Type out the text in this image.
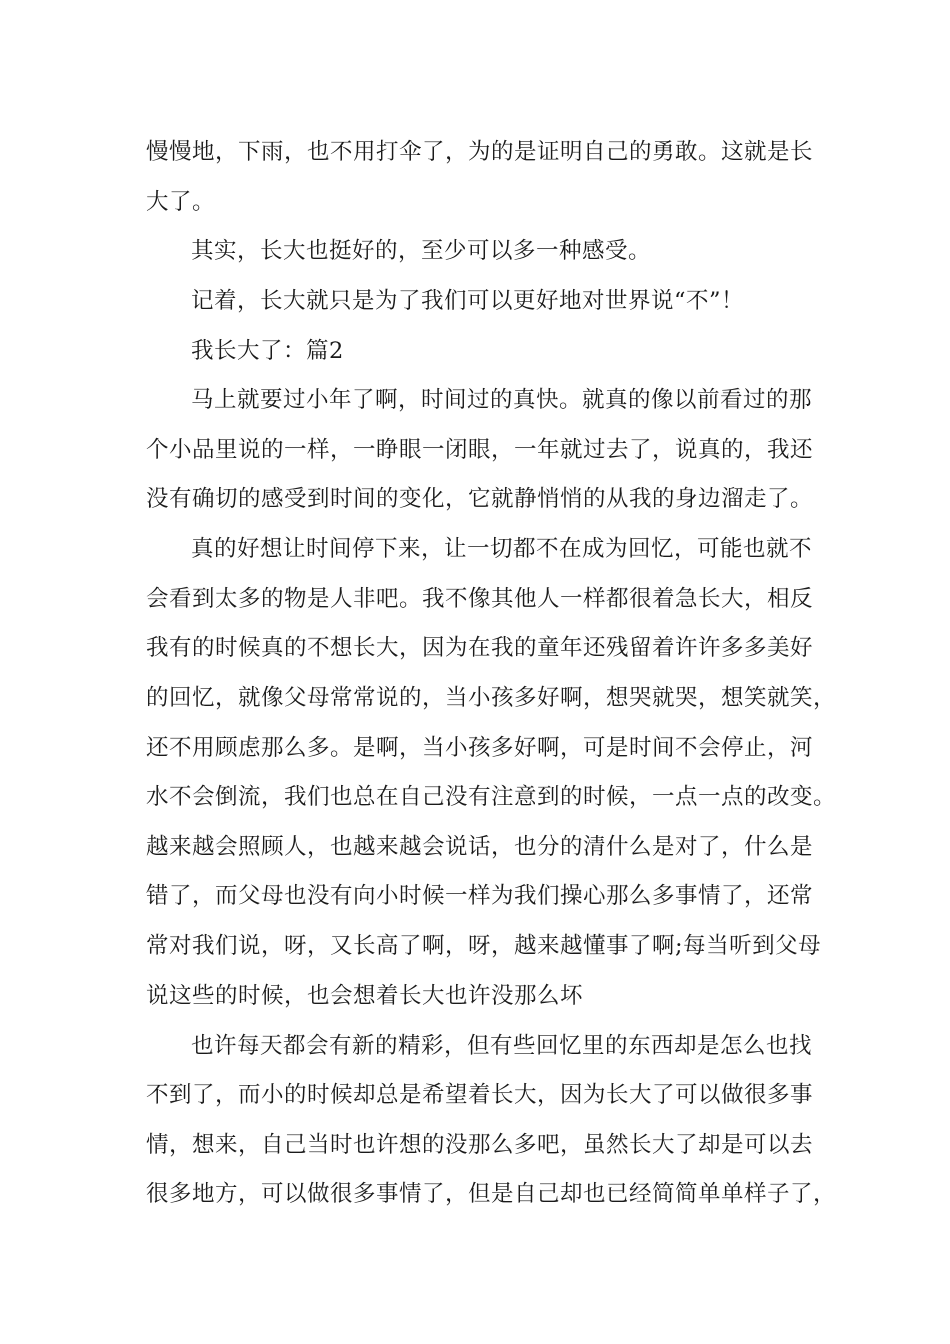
慢慢地，下雨，也不用打伞了，为的是证明自己的勇敢。这就是长
大了。
其实，长大也挺好的，至少可以多一种感受。
记着，长大就只是为了我们可以更好地对世界说“不”！
我长大了：篇2
马上就要过小年了啊，时间过的真快。就真的像以前看过的那
个小品里说的一样，一睁眼一闭眼，一年就过去了，说真的，我还
没有确切的感受到时间的变化，它就静悄悄的从我的身边溜走了。
真的好想让时间停下来，让一切都不在成为回忆，可能也就不
会看到太多的物是人非吧。我不像其他人一样都很着急长大，相反
我有的时候真的不想长大，因为在我的童年还残留着许许多多美好
的回忆，就像父母常常说的，当小孩多好啊，想哭就哭，想笑就笑，
还不用顾虑那么多。是啊，当小孩多好啊，可是时间不会停止，河
水不会倒流，我们也总在自己没有注意到的时候，一点一点的改变。
越来越会照顾人，也越来越会说话，也分的清什么是对了，什么是
错了，而父母也没有向小时候一样为我们操心那么多事情了，还常
常对我们说，呀，又长高了啊，呀，越来越懂事了啊;每当听到父母
说这些的时候，也会想着长大也许没那么坏
也许每天都会有新的精彩，但有些回忆里的东西却是怎么也找
不到了，而小的时候却总是希望着长大，因为长大了可以做很多事
情，想来，自己当时也许想的没那么多吧，虽然长大了却是可以去
很多地方，可以做很多事情了，但是自己却也已经简简单单样子了，
